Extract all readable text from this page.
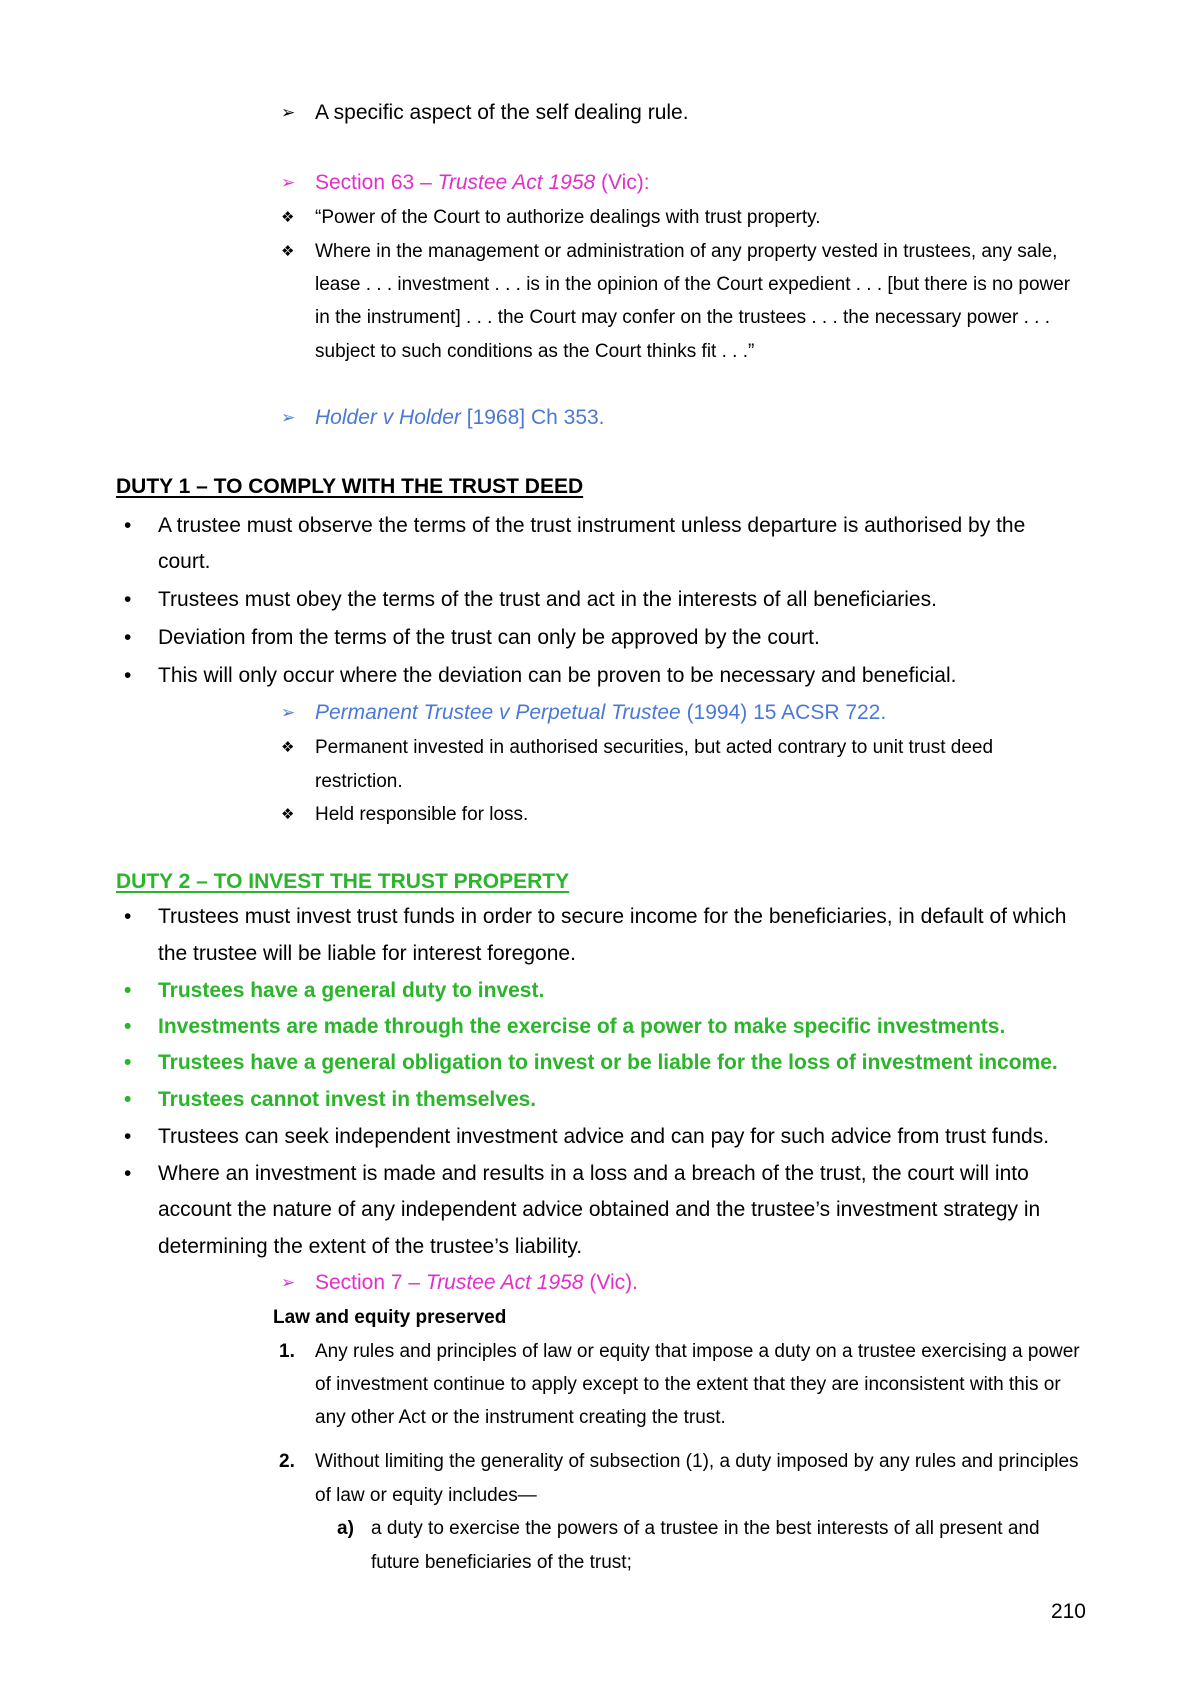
➢ A specific aspect of the self dealing rule.
➢ Section 63 – Trustee Act 1958 (Vic):
❖ “Power of the Court to authorize dealings with trust property.
❖ Where in the management or administration of any property vested in trustees, any sale,
lease . . . investment . . . is in the opinion of the Court expedient . . . [but there is no power
in the instrument] . . . the Court may confer on the trustees . . . the necessary power . . .
subject to such conditions as the Court thinks fit . . .”
➢ Holder v Holder [1968] Ch 353.
DUTY 1 – TO COMPLY WITH THE TRUST DEED
• A trustee must observe the terms of the trust instrument unless departure is authorised by the
court.
• Trustees must obey the terms of the trust and act in the interests of all beneficiaries.
• Deviation from the terms of the trust can only be approved by the court.
• This will only occur where the deviation can be proven to be necessary and beneficial.
➢ Permanent Trustee v Perpetual Trustee (1994) 15 ACSR 722.
❖ Permanent invested in authorised securities, but acted contrary to unit trust deed
restriction.
❖ Held responsible for loss.
DUTY 2 – TO INVEST THE TRUST PROPERTY
• Trustees must invest trust funds in order to secure income for the beneficiaries, in default of which
the trustee will be liable for interest foregone.
• Trustees have a general duty to invest.
• Investments are made through the exercise of a power to make specific investments.
• Trustees have a general obligation to invest or be liable for the loss of investment income.
• Trustees cannot invest in themselves.
• Trustees can seek independent investment advice and can pay for such advice from trust funds.
• Where an investment is made and results in a loss and a breach of the trust, the court will into
account the nature of any independent advice obtained and the trustee’s investment strategy in
determining the extent of the trustee’s liability.
➢ Section 7 – Trustee Act 1958 (Vic).
Law and equity preserved
1. Any rules and principles of law or equity that impose a duty on a trustee exercising a power
of investment continue to apply except to the extent that they are inconsistent with this or
any other Act or the instrument creating the trust.
2. Without limiting the generality of subsection (1), a duty imposed by any rules and principles
of law or equity includes—
a) a duty to exercise the powers of a trustee in the best interests of all present and
future beneficiaries of the trust;
210
